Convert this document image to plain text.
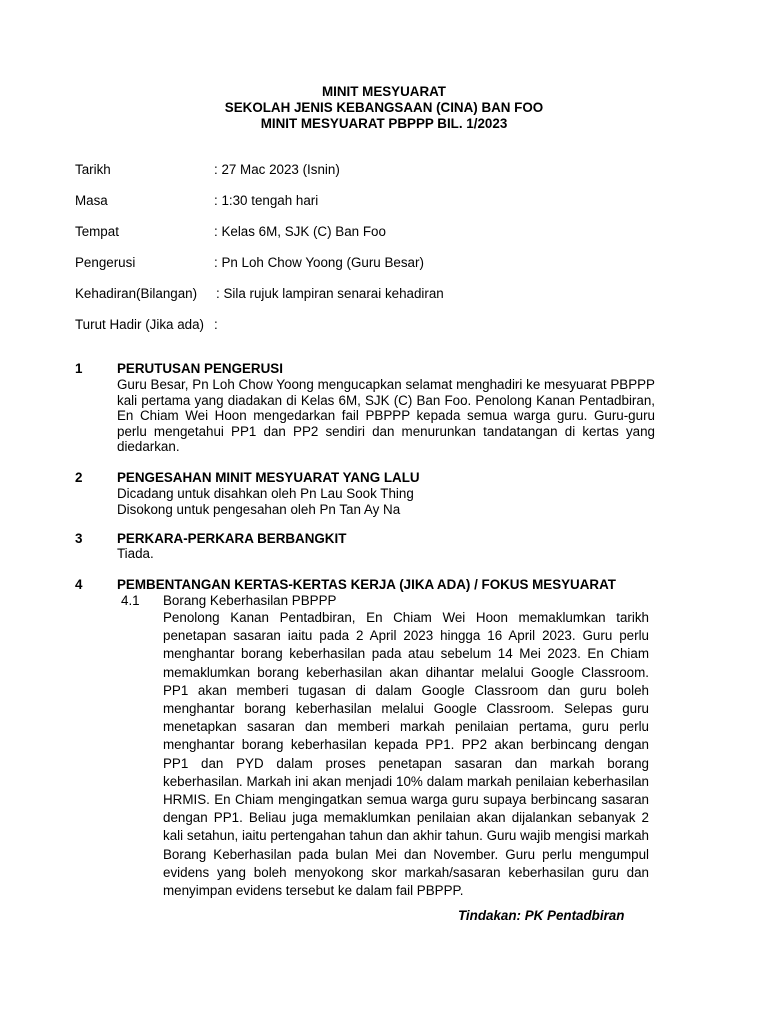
MINIT MESYUARAT
SEKOLAH JENIS KEBANGSAAN (CINA) BAN FOO
MINIT MESYUARAT PBPPP BIL. 1/2023
Tarikh	: 27 Mac 2023 (Isnin)
Masa	: 1:30 tengah hari
Tempat	: Kelas 6M, SJK (C) Ban Foo
Pengerusi	: Pn Loh Chow Yoong (Guru Besar)
Kehadiran(Bilangan) : Sila rujuk lampiran senarai kehadiran
Turut Hadir (Jika ada) :
1	PERUTUSAN PENGERUSI
Guru Besar, Pn Loh Chow Yoong mengucapkan selamat menghadiri ke mesyuarat PBPPP kali pertama yang diadakan di Kelas 6M, SJK (C) Ban Foo. Penolong Kanan Pentadbiran, En Chiam Wei Hoon mengedarkan fail PBPPP kepada semua warga guru. Guru-guru perlu mengetahui PP1 dan PP2 sendiri dan menurunkan tandatangan di kertas yang diedarkan.
2	PENGESAHAN MINIT MESYUARAT YANG LALU
Dicadang untuk disahkan oleh Pn Lau Sook Thing
Disokong untuk pengesahan oleh Pn Tan Ay Na
3	PERKARA-PERKARA BERBANGKIT
Tiada.
4	PEMBENTANGAN KERTAS-KERTAS KERJA (JIKA ADA) / FOKUS MESYUARAT
4.1 Borang Keberhasilan PBPPP
Penolong Kanan Pentadbiran, En Chiam Wei Hoon memaklumkan tarikh penetapan sasaran iaitu pada 2 April 2023 hingga 16 April 2023. Guru perlu menghantar borang keberhasilan pada atau sebelum 14 Mei 2023. En Chiam memaklumkan borang keberhasilan akan dihantar melalui Google Classroom. PP1 akan memberi tugasan di dalam Google Classroom dan guru boleh menghantar borang keberhasilan melalui Google Classroom. Selepas guru menetapkan sasaran dan memberi markah penilaian pertama, guru perlu menghantar borang keberhasilan kepada PP1. PP2 akan berbincang dengan PP1 dan PYD dalam proses penetapan sasaran dan markah borang keberhasilan. Markah ini akan menjadi 10% dalam markah penilaian keberhasilan HRMIS. En Chiam mengingatkan semua warga guru supaya berbincang sasaran dengan PP1. Beliau juga memaklumkan penilaian akan dijalankan sebanyak 2 kali setahun, iaitu pertengahan tahun dan akhir tahun. Guru wajib mengisi markah Borang Keberhasilan pada bulan Mei dan November. Guru perlu mengumpul evidens yang boleh menyokong skor markah/sasaran keberhasilan guru dan menyimpan evidens tersebut ke dalam fail PBPPP.
Tindakan: PK Pentadbiran
